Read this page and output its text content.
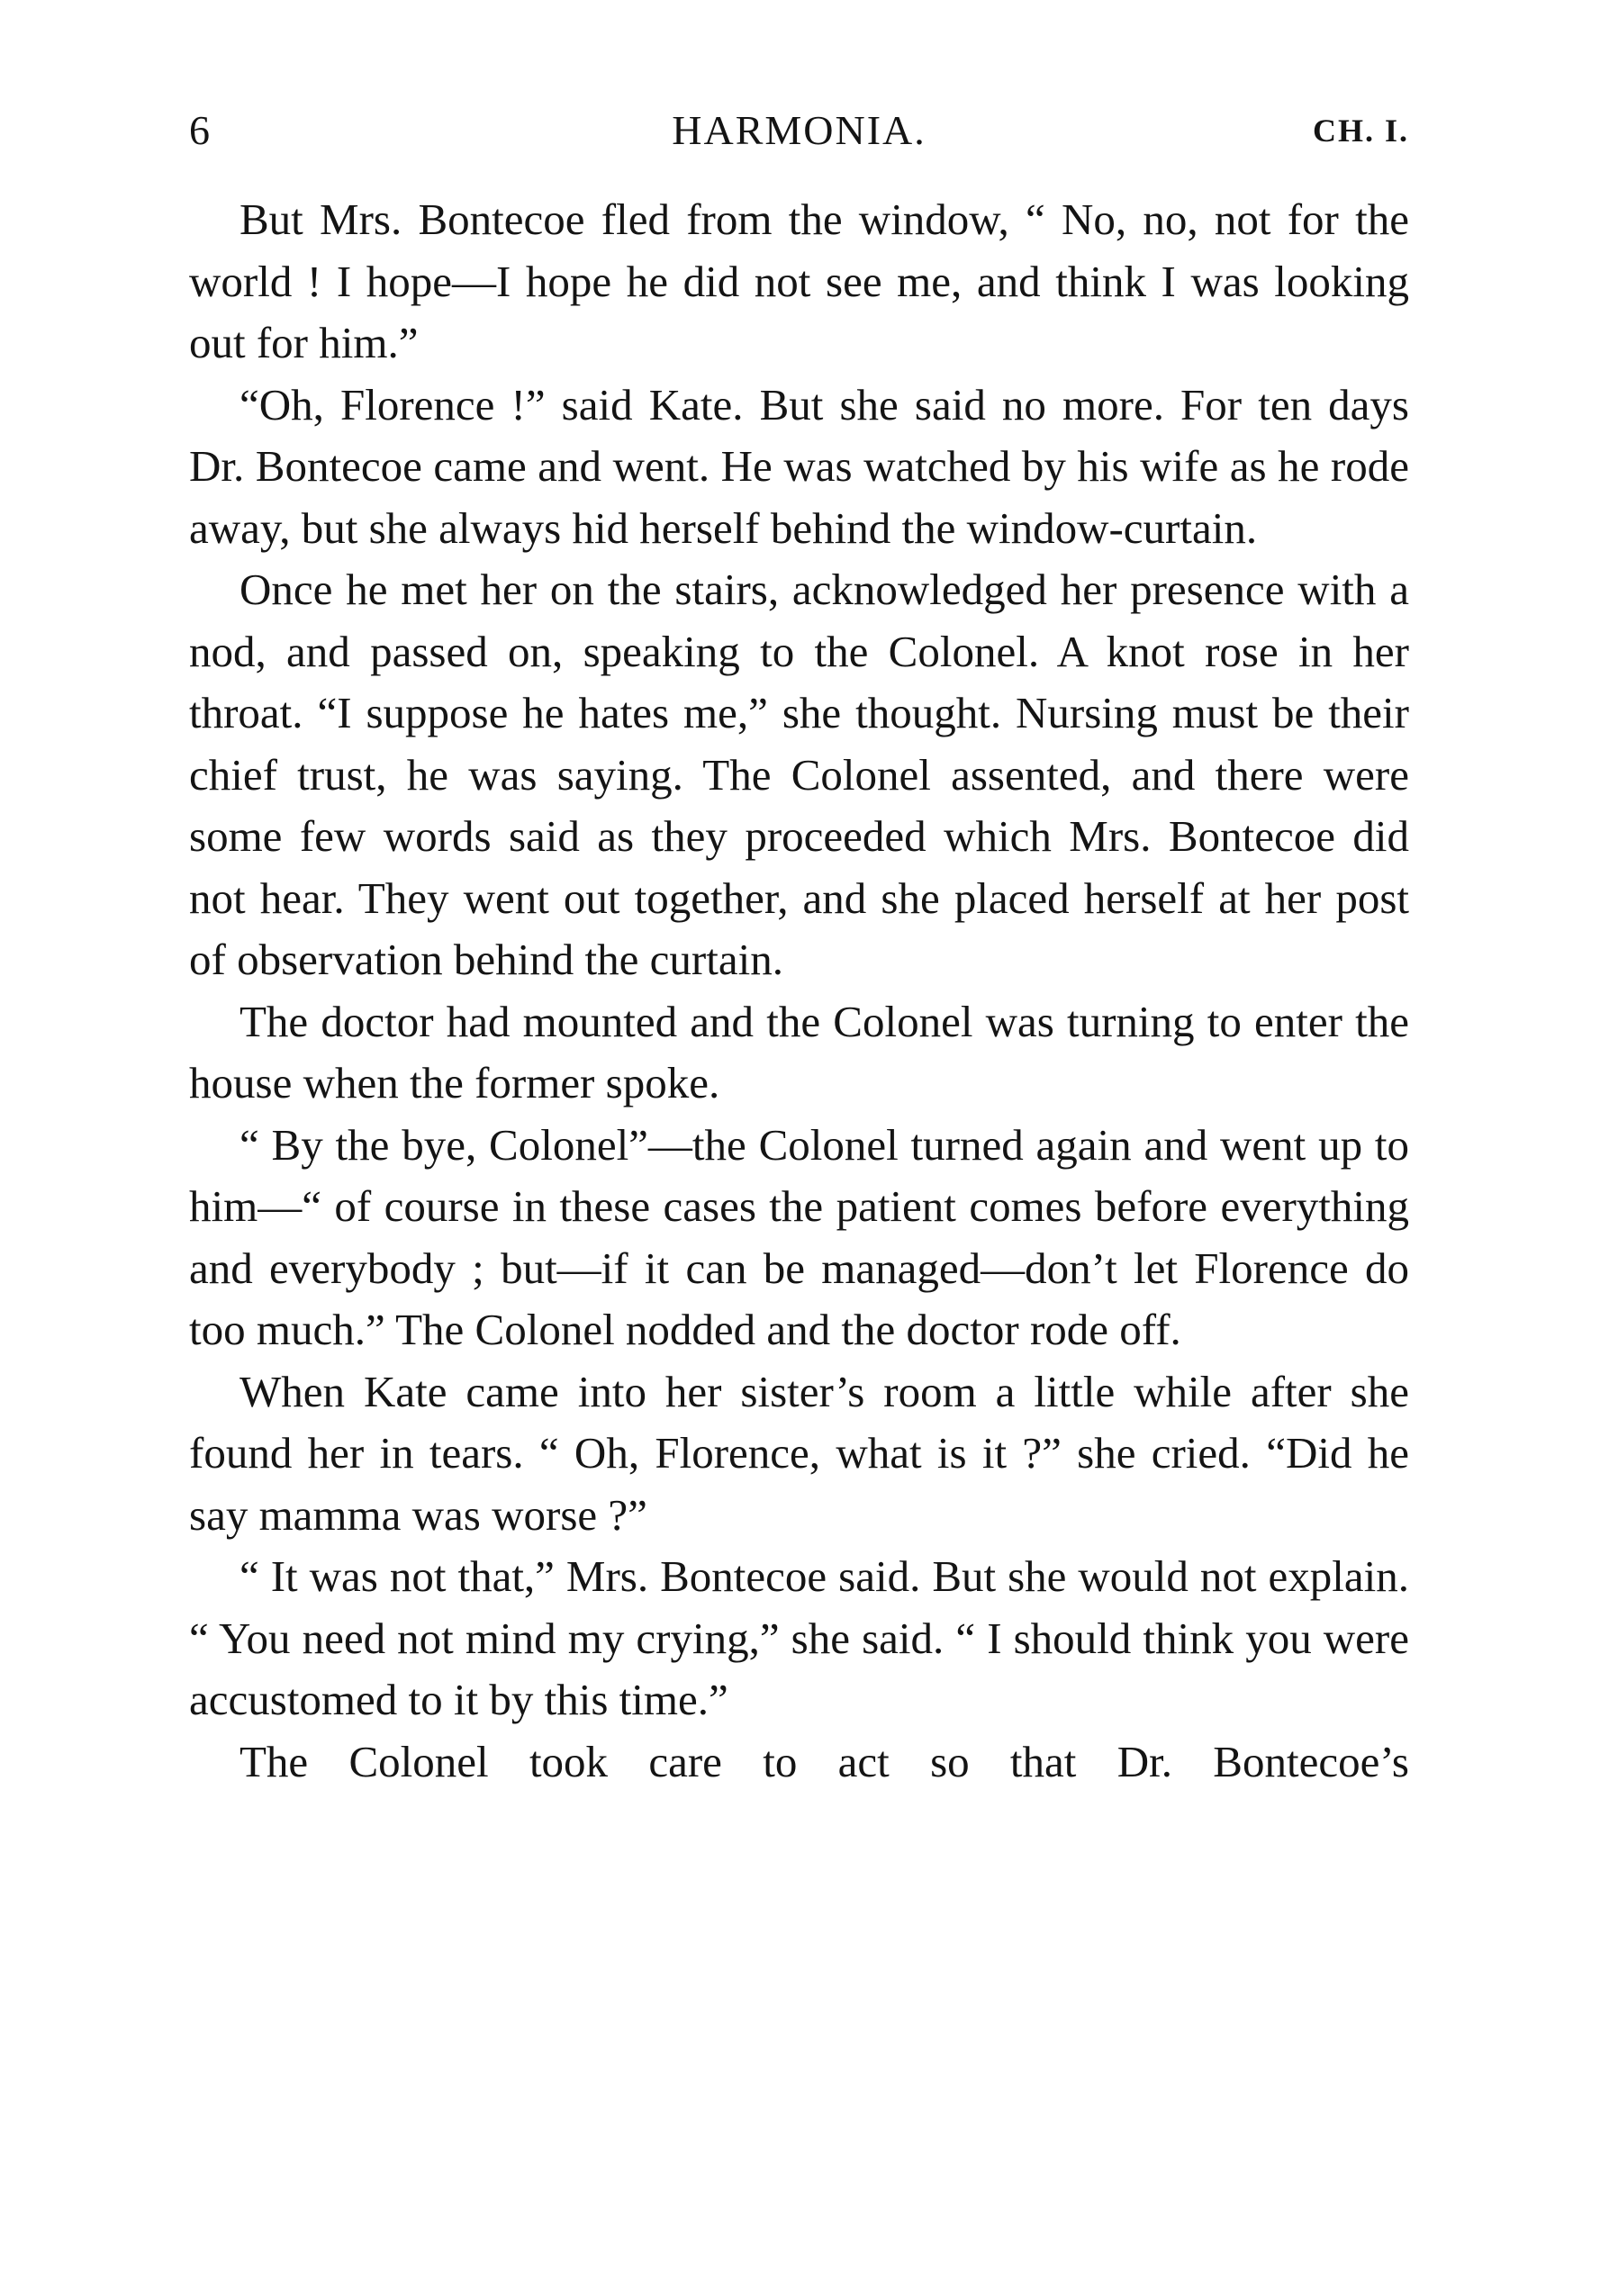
6	HARMONIA.	CH. I.

But Mrs. Bontecoe fled from the window, “ No, no, not for the world ! I hope—I hope he did not see me, and think I was looking out for him.”

“Oh, Florence !” said Kate. But she said no more. For ten days Dr. Bontecoe came and went. He was watched by his wife as he rode away, but she always hid herself behind the window-curtain.

Once he met her on the stairs, acknowledged her presence with a nod, and passed on, speaking to the Colonel. A knot rose in her throat. “I suppose he hates me,” she thought. Nursing must be their chief trust, he was saying. The Colonel assented, and there were some few words said as they proceeded which Mrs. Bontecoe did not hear. They went out together, and she placed herself at her post of observation behind the curtain.

The doctor had mounted and the Colonel was turning to enter the house when the former spoke.

“ By the bye, Colonel”—the Colonel turned again and went up to him—“ of course in these cases the patient comes before everything and everybody ; but—if it can be managed—don’t let Florence do too much.” The Colonel nodded and the doctor rode off.

When Kate came into her sister’s room a little while after she found her in tears. “ Oh, Florence, what is it ?” she cried. “Did he say mamma was worse ?”

“ It was not that,” Mrs. Bontecoe said. But she would not explain. “ You need not mind my crying,” she said. “ I should think you were accustomed to it by this time.”

The Colonel took care to act so that Dr. Bontecoe’s
